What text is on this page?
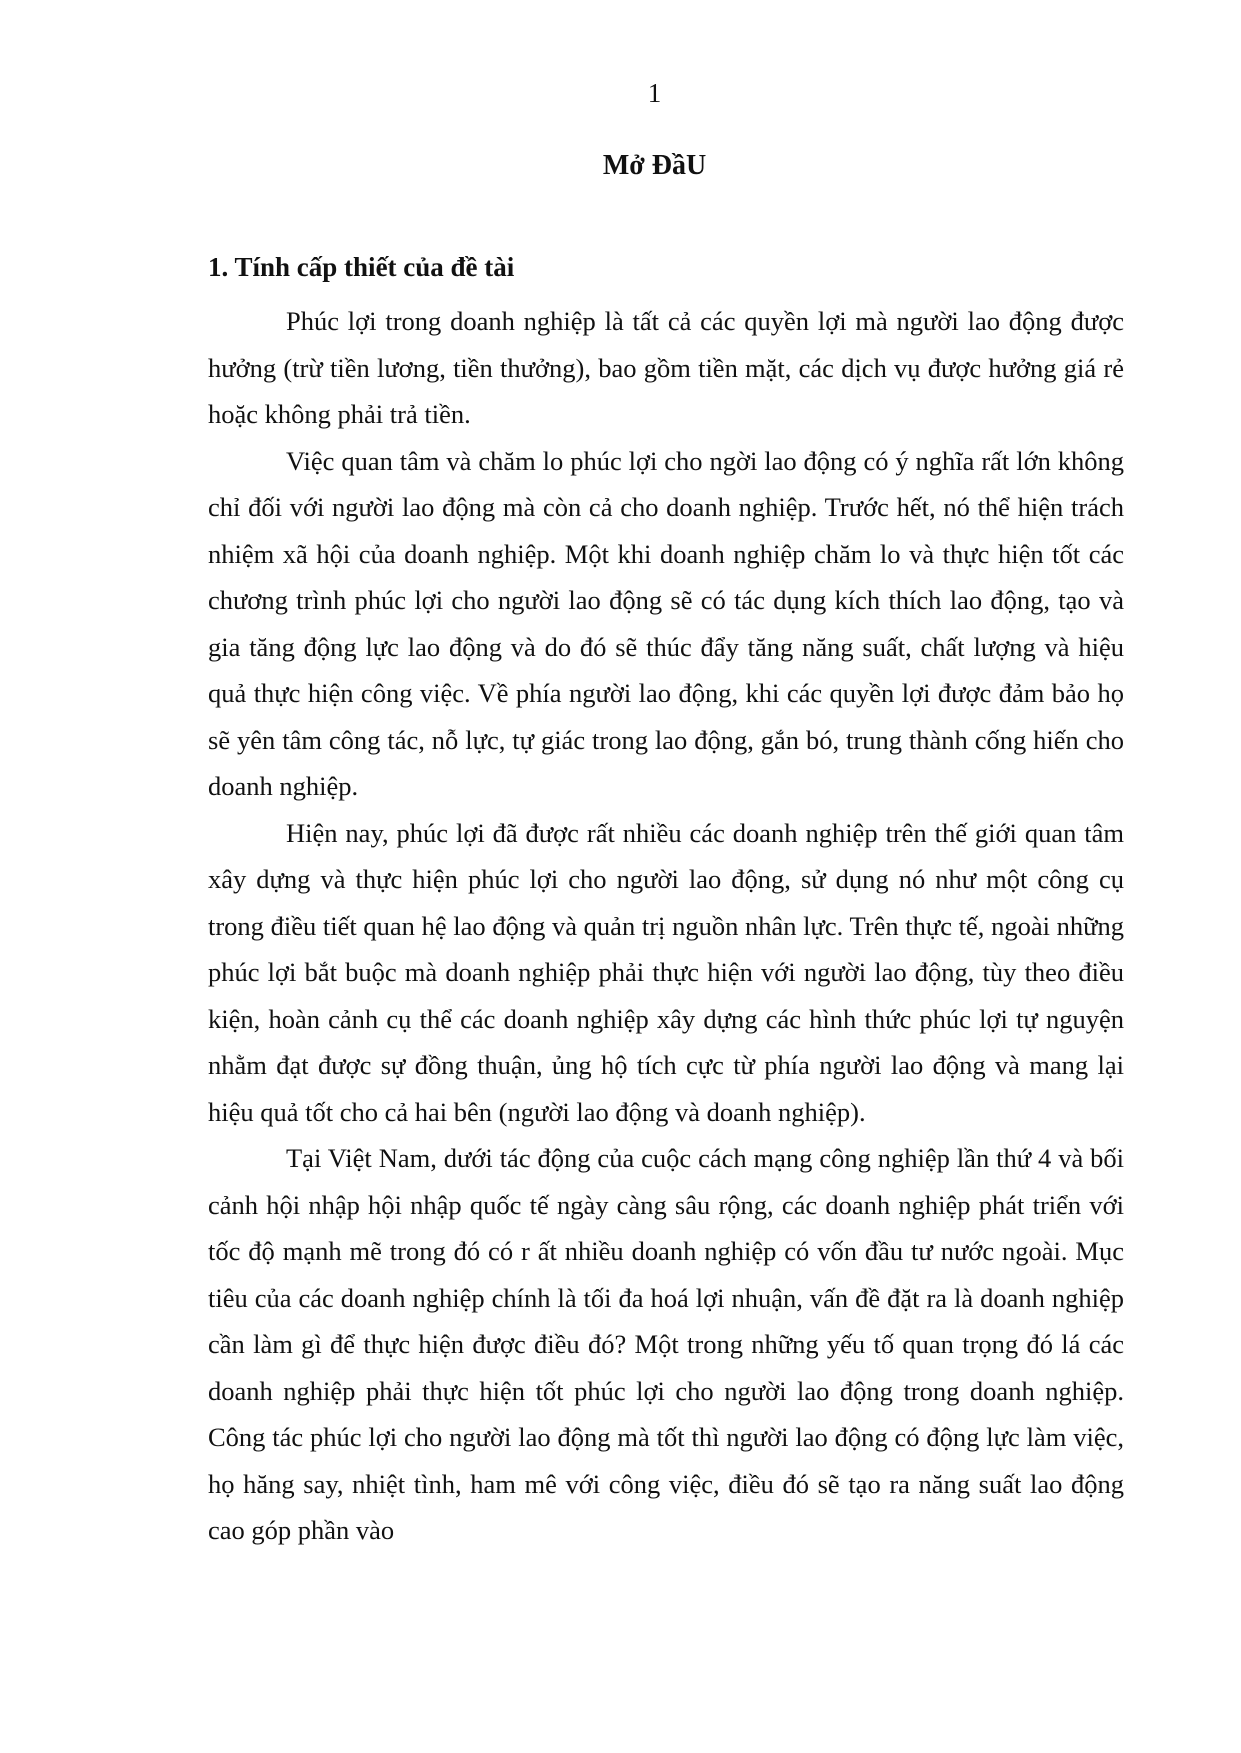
1
Mở ĐầU
1. Tính cấp thiết của đề tài

Phúc lợi trong doanh nghiệp là tất cả các quyền lợi mà người lao động được hưởng (trừ tiền lương, tiền thưởng), bao gồm tiền mặt, các dịch vụ được hưởng giá rẻ hoặc không phải trả tiền.

Việc quan tâm và chăm lo phúc lợi cho ngời lao động có ý nghĩa rất lớn không chỉ đối với người lao động mà còn cả cho doanh nghiệp. Trước hết, nó thể hiện trách nhiệm xã hội của doanh nghiệp. Một khi doanh nghiệp chăm lo và thực hiện tốt các chương trình phúc lợi cho người lao động sẽ có tác dụng kích thích lao động, tạo và gia tăng động lực lao động và do đó sẽ thúc đẩy tăng năng suất, chất lượng và hiệu quả thực hiện công việc. Về phía người lao động, khi các quyền lợi được đảm bảo họ sẽ yên tâm công tác, nỗ lực, tự giác trong lao động, gắn bó, trung thành cống hiến cho doanh nghiệp.

Hiện nay, phúc lợi đã được rất nhiều các doanh nghiệp trên thế giới quan tâm xây dựng và thực hiện phúc lợi cho người lao động, sử dụng nó như một công cụ trong điều tiết quan hệ lao động và quản trị nguồn nhân lực. Trên thực tế, ngoài những phúc lợi bắt buộc mà doanh nghiệp phải thực hiện với người lao động, tùy theo điều kiện, hoàn cảnh cụ thể các doanh nghiệp xây dựng các hình thức phúc lợi tự nguyện nhằm đạt được sự đồng thuận, ủng hộ tích cực từ phía người lao động và mang lại hiệu quả tốt cho cả hai bên (người lao động và doanh nghiệp).

Tại Việt Nam, dưới tác động của cuộc cách mạng công nghiệp lần thứ 4 và bối cảnh hội nhập hội nhập quốc tế ngày càng sâu rộng, các doanh nghiệp phát triển với tốc độ mạnh mẽ trong đó có r ất nhiều doanh nghiệp có vốn đầu tư nước ngoài. Mục tiêu của các doanh nghiệp chính là tối đa hoá lợi nhuận, vấn đề đặt ra là doanh nghiệp cần làm gì để thực hiện được điều đó? Một trong những yếu tố quan trọng đó lá các doanh nghiệp phải thực hiện tốt phúc lợi cho người lao động trong doanh nghiệp. Công tác phúc lợi cho người lao động mà tốt thì người lao động có động lực làm việc, họ hăng say, nhiệt tình, ham mê với công việc, điều đó sẽ tạo ra năng suất lao động cao góp phần vào
